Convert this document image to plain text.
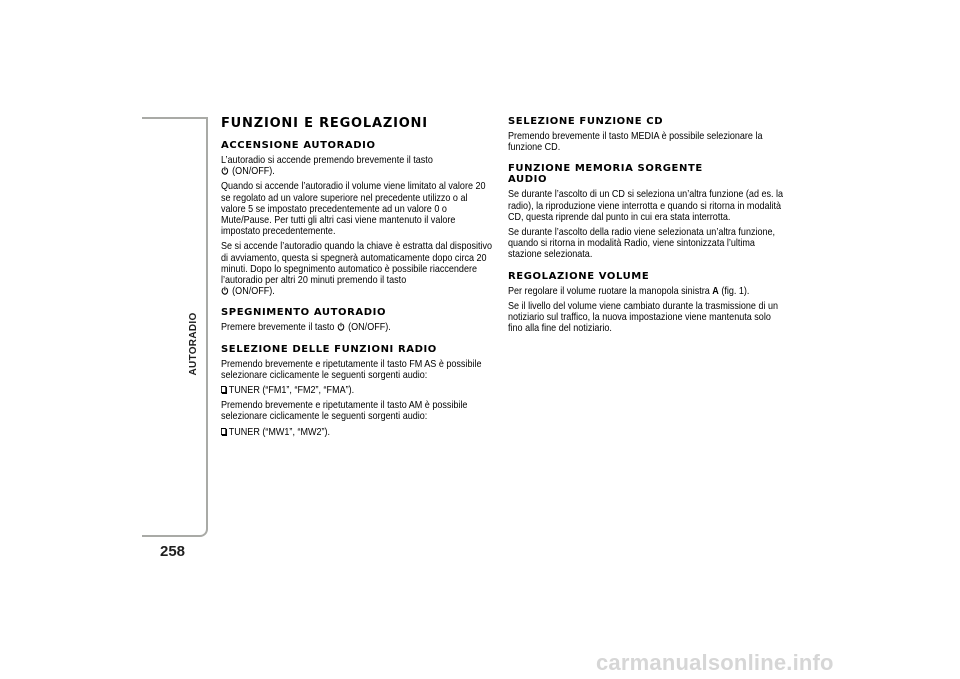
AUTORADIO
258
FUNZIONI E REGOLAZIONI
ACCENSIONE AUTORADIO
L’autoradio si accende premendo brevemente il tasto
(ON/OFF).
Quando si accende l’autoradio il volume viene limitato al valore 20 se regolato ad un valore superiore nel precedente utilizzo o al valore 5 se impostato precedentemente ad un valore 0 o Mute/Pause. Per tutti gli altri casi viene mantenuto il valore impostato precedentemente.
Se si accende l’autoradio quando la chiave è estratta dal dispositivo di avviamento, questa si spegnerà automaticamente dopo circa 20 minuti. Dopo lo spegnimento automatico è possibile riaccendere l’autoradio per altri 20 minuti premendo il tasto
(ON/OFF).
SPEGNIMENTO AUTORADIO
Premere brevemente il tasto (ON/OFF).
SELEZIONE DELLE FUNZIONI RADIO
Premendo brevemente e ripetutamente il tasto FM AS è possibile selezionare ciclicamente le seguenti sorgenti audio:
TUNER (“FM1”, “FM2”, “FMA”).
Premendo brevemente e ripetutamente il tasto AM è possibile selezionare ciclicamente le seguenti sorgenti audio:
TUNER (“MW1”, “MW2”).
SELEZIONE FUNZIONE CD
Premendo brevemente il tasto MEDIA è possibile selezionare la funzione CD.
FUNZIONE MEMORIA SORGENTE
AUDIO
Se durante l’ascolto di un CD si seleziona un’altra funzione (ad es. la radio), la riproduzione viene interrotta e quando si ritorna in modalità CD, questa riprende dal punto in cui era stata interrotta.
Se durante l’ascolto della radio viene selezionata un’altra funzione, quando si ritorna in modalità Radio, viene sintonizzata l’ultima stazione selezionata.
REGOLAZIONE VOLUME
Per regolare il volume ruotare la manopola sinistra A (fig. 1).
Se il livello del volume viene cambiato durante la trasmissione di un notiziario sul traffico, la nuova impostazione viene mantenuta solo fino alla fine del notiziario.
carmanualsonline.info
